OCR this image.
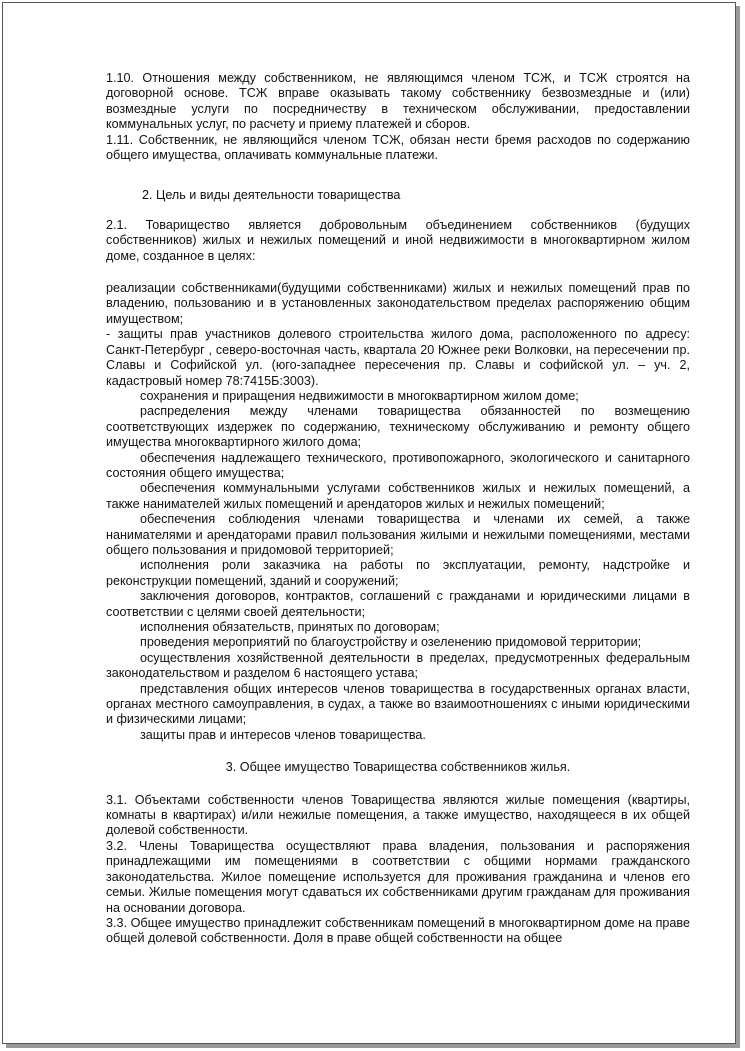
1.10. Отношения между собственником, не являющимся членом ТСЖ, и ТСЖ строятся на договорной основе. ТСЖ вправе оказывать такому собственнику безвозмездные и (или) возмездные услуги по посредничеству в техническом обслуживании, предоставлении коммунальных услуг, по расчету и приему платежей и сборов.

1.11. Собственник, не являющийся членом ТСЖ, обязан нести бремя расходов по содержанию общего имущества, оплачивать коммунальные платежи.

2. Цель и виды деятельности товарищества

2.1. Товарищество является добровольным объединением собственников (будущих собственников) жилых и нежилых помещений и иной недвижимости в многоквартирном жилом доме, созданное в целях:

реализации собственниками(будущими собственниками) жилых и нежилых помещений прав по владению, пользованию и в установленных законодательством пределах распоряжению общим имуществом;

- защиты прав участников долевого строительства жилого дома, расположенного по адресу: Санкт-Петербург , северо-восточная часть, квартала 20 Южнее реки Волковки, на пересечении пр. Славы и Софийской ул. (юго-западнее пересечения пр. Славы и софийской ул. – уч. 2, кадастровый номер 78:7415Б:3003).

сохранения и приращения недвижимости в многоквартирном жилом доме;

распределения между членами товарищества обязанностей по возмещению соответствующих издержек по содержанию, техническому обслуживанию и ремонту общего имущества многоквартирного жилого дома;

обеспечения надлежащего технического, противопожарного, экологического и санитарного состояния общего имущества;

обеспечения коммунальными услугами собственников жилых и нежилых помещений, а также нанимателей жилых помещений и арендаторов жилых и нежилых помещений;

обеспечения соблюдения членами товарищества и членами их семей, а также нанимателями и арендаторами правил пользования жилыми и нежилыми помещениями, местами общего пользования и придомовой территорией;

исполнения роли заказчика на работы по эксплуатации, ремонту, надстройке и реконструкции помещений, зданий и сооружений;

заключения договоров, контрактов, соглашений с гражданами и юридическими лицами в соответствии с целями своей деятельности;

исполнения обязательств, принятых по договорам;

проведения мероприятий по благоустройству и озеленению придомовой территории;

осуществления хозяйственной деятельности в пределах, предусмотренных федеральным законодательством и разделом 6 настоящего устава;

представления общих интересов членов товарищества в государственных органах власти, органах местного самоуправления, в судах, а также во взаимоотношениях с иными юридическими и физическими лицами;

защиты прав и интересов членов товарищества.

3. Общее имущество Товарищества собственников жилья.

3.1. Объектами собственности членов Товарищества являются жилые помещения (квартиры, комнаты в квартирах) и/или нежилые помещения, а также имущество, находящееся в их общей долевой собственности.

3.2. Члены Товарищества осуществляют права владения, пользования и распоряжения принадлежащими им помещениями в соответствии с общими нормами гражданского законодательства. Жилое помещение используется для проживания гражданина и членов его семьи. Жилые помещения могут сдаваться их собственниками другим гражданам для проживания на основании договора.

3.3. Общее имущество принадлежит собственникам помещений в многоквартирном доме на праве общей долевой собственности. Доля в праве общей собственности на общее
